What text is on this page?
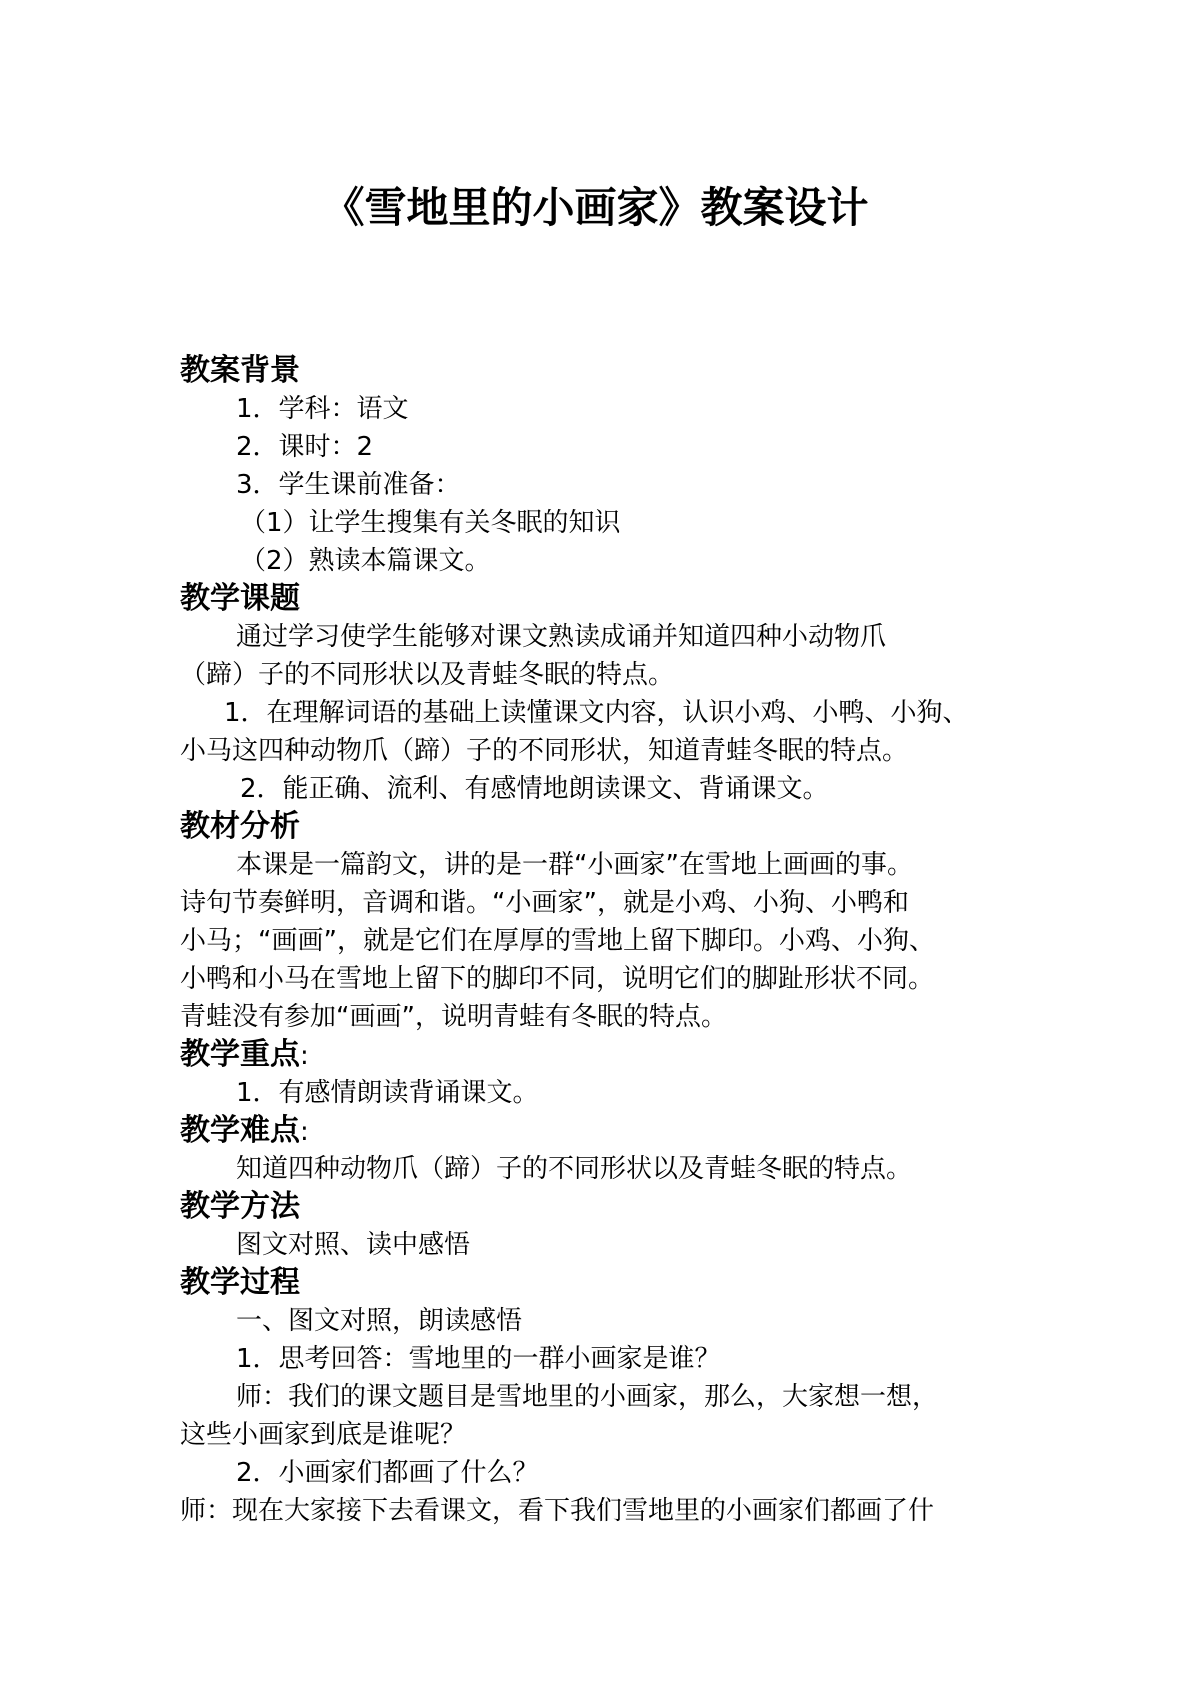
《雪地里的小画家》教案设计
教案背景
1．学科：语文
2．课时：2
3．学生课前准备：
（1）让学生搜集有关冬眠的知识
（2）熟读本篇课文。
教学课题
通过学习使学生能够对课文熟读成诵并知道四种小动物爪
（蹄）子的不同形状以及青蛙冬眠的特点。
1．在理解词语的基础上读懂课文内容，认识小鸡、小鸭、小狗、
小马这四种动物爪（蹄）子的不同形状，知道青蛙冬眠的特点。
2．能正确、流利、有感情地朗读课文、背诵课文。
教材分析
本课是一篇韵文，讲的是一群“小画家”在雪地上画画的事。
诗句节奏鲜明，音调和谐。“小画家”，就是小鸡、小狗、小鸭和
小马；“画画”，就是它们在厚厚的雪地上留下脚印。小鸡、小狗、
小鸭和小马在雪地上留下的脚印不同，说明它们的脚趾形状不同。
青蛙没有参加“画画”，说明青蛙有冬眠的特点。
教学重点:
1．有感情朗读背诵课文。
教学难点:
知道四种动物爪（蹄）子的不同形状以及青蛙冬眠的特点。
教学方法
图文对照、读中感悟
教学过程
一、图文对照，朗读感悟
1．思考回答：雪地里的一群小画家是谁？
师：我们的课文题目是雪地里的小画家，那么，大家想一想，
这些小画家到底是谁呢？
2．小画家们都画了什么？
师：现在大家接下去看课文，看下我们雪地里的小画家们都画了什
